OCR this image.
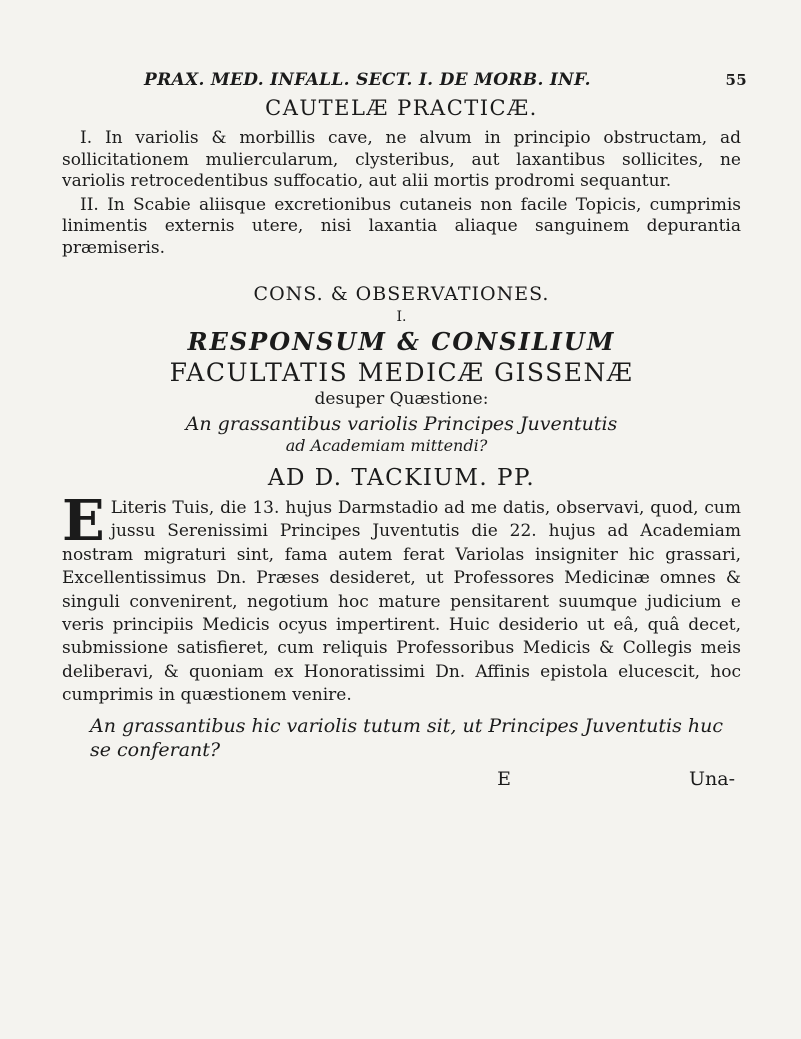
PRAX. MED. INFALL. SECT. I. DE MORB. INF.	55
CAUTELÆ PRACTICÆ.

I. In variolis & morbillis cave, ne alvum in principio obstructam, ad sollicitationem muliercularum, clysteribus, aut laxantibus sollicites, ne variolis retrocedentibus suffocatio, aut alii mortis prodromi sequantur.

II. In Scabie aliisque excretionibus cutaneis non facile Topicis, cumprimis linimentis externis utere, nisi laxantia aliaque sanguinem depurantia præmiseris.

CONS. & OBSERVATIONES.
I.
RESPONSUM & CONSILIUM
FACULTATIS MEDICÆ GISSENÆ
desuper Quæstione:

An grassantibus variolis Principes Juventutis
ad Academiam mittendi?

AD D. TACKIUM. PP.

E Literis Tuis, die 13. hujus Darmstadio ad me datis, observavi, quod, cum jussu Serenissimi Principes Juventutis die 22. hujus ad Academiam nostram migraturi sint, fama autem ferat Variolas insigniter hic grassari, Excellentissimus Dn. Præses desideret, ut Professores Medicinæ omnes & singuli convenirent, negotium hoc mature pensitarent suumque judicium e veris principiis Medicis ocyus impertirent. Huic desiderio ut eâ, quâ decet, submissione satisfieret, cum reliquis Professoribus Medicis & Collegis meis deliberavi, & quoniam ex Honoratissimi Dn. Affinis epistola elucescit, hoc cumprimis in quæstionem venire.

An grassantibus hic variolis tutum sit, ut Principes Juventutis huc se conferant?

E	Una-
